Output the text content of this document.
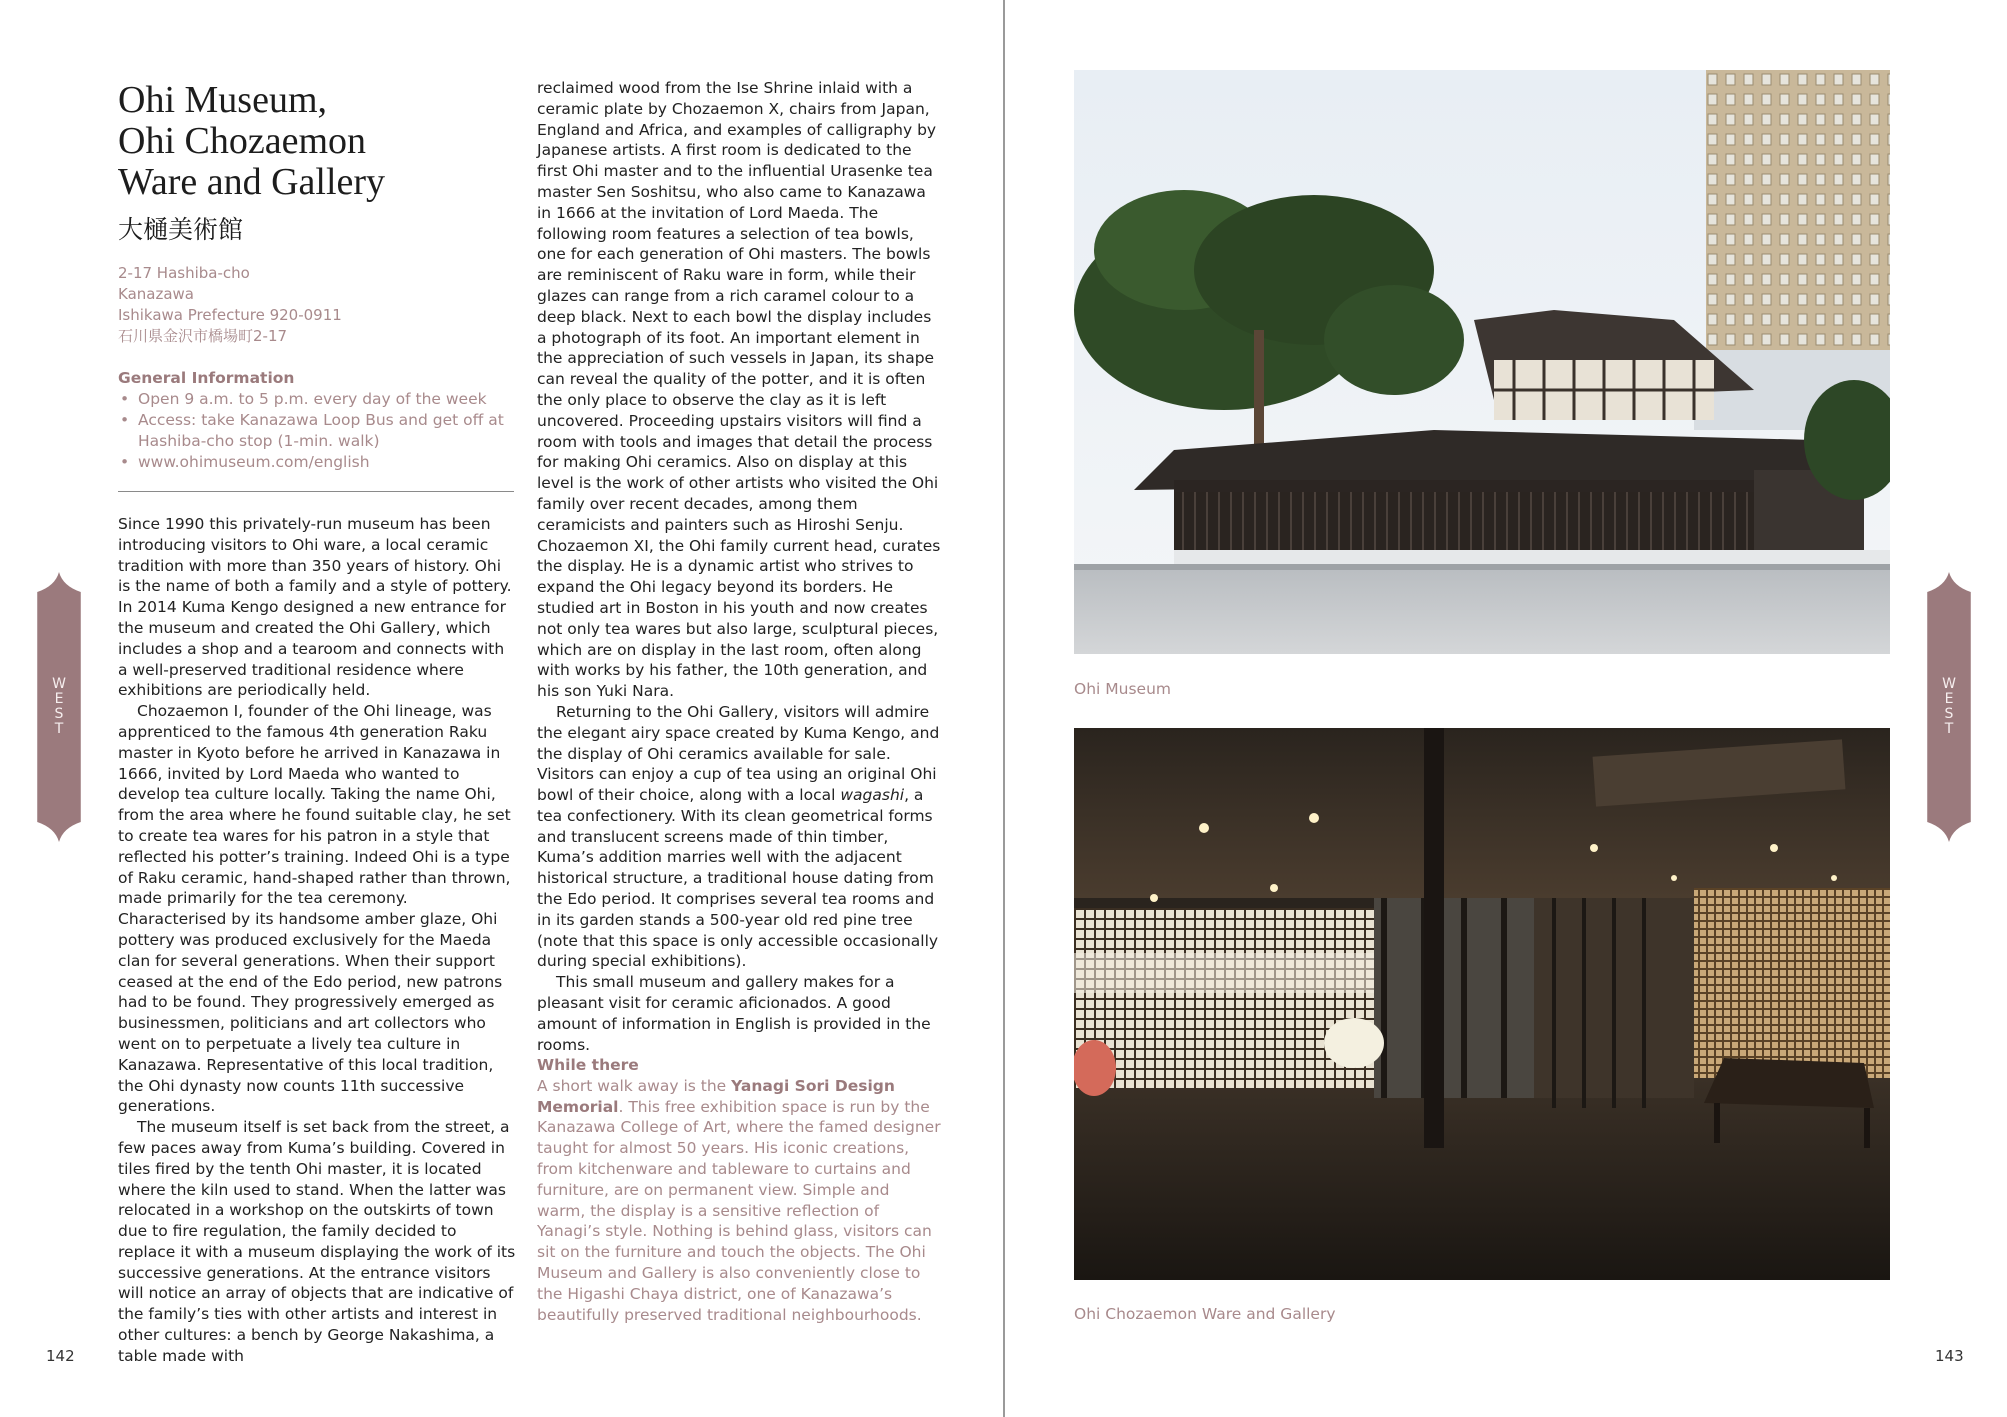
Ohi Museum,
Ohi Chozaemon
Ware and Gallery
大樋美術館
2-17 Hashiba-cho
Kanazawa
Ishikawa Prefecture 920-0911
石川県金沢市橋場町2-17
General Information
• Open 9 a.m. to 5 p.m. every day of the week
• Access: take Kanazawa Loop Bus and get off at Hashiba-cho stop (1-min. walk)
• www.ohimuseum.com/english

Since 1990 this privately-run museum has been introducing visitors to Ohi ware, a local ceramic tradition with more than 350 years of history. Ohi is the name of both a family and a style of pottery. In 2014 Kuma Kengo designed a new entrance for the museum and created the Ohi Gallery, which includes a shop and a tearoom and connects with a well-preserved traditional residence where exhibitions are periodically held.

Chozaemon I, founder of the Ohi lineage, was apprenticed to the famous 4th generation Raku master in Kyoto before he arrived in Kanazawa in 1666, invited by Lord Maeda who wanted to develop tea culture locally. Taking the name Ohi, from the area where he found suitable clay, he set to create tea wares for his patron in a style that reflected his potter’s training. Indeed Ohi is a type of Raku ceramic, hand-shaped rather than thrown, made primarily for the tea ceremony. Characterised by its handsome amber glaze, Ohi pottery was produced exclusively for the Maeda clan for several generations. When their support ceased at the end of the Edo period, new patrons had to be found. They progressively emerged as businessmen, politicians and art collectors who went on to perpetuate a lively tea culture in Kanazawa. Representative of this local tradition, the Ohi dynasty now counts 11th successive generations.

The museum itself is set back from the street, a few paces away from Kuma’s building. Covered in tiles fired by the tenth Ohi master, it is located where the kiln used to stand. When the latter was relocated in a workshop on the outskirts of town due to fire regulation, the family decided to replace it with a museum displaying the work of its successive generations. At the entrance visitors will notice an array of objects that are indicative of the family’s ties with other artists and interest in other cultures: a bench by George Nakashima, a table made with

reclaimed wood from the Ise Shrine inlaid with a ceramic plate by Chozaemon X, chairs from Japan, England and Africa, and examples of calligraphy by Japanese artists. A first room is dedicated to the first Ohi master and to the influential Urasenke tea master Sen Soshitsu, who also came to Kanazawa in 1666 at the invitation of Lord Maeda. The following room features a selection of tea bowls, one for each generation of Ohi masters. The bowls are reminiscent of Raku ware in form, while their glazes can range from a rich caramel colour to a deep black. Next to each bowl the display includes a photograph of its foot. An important element in the appreciation of such vessels in Japan, its shape can reveal the quality of the potter, and it is often the only place to observe the clay as it is left uncovered. Proceeding upstairs visitors will find a room with tools and images that detail the process for making Ohi ceramics. Also on display at this level is the work of other artists who visited the Ohi family over recent decades, among them ceramicists and painters such as Hiroshi Senju. Chozaemon XI, the Ohi family current head, curates the display. He is a dynamic artist who strives to expand the Ohi legacy beyond its borders. He studied art in Boston in his youth and now creates not only tea wares but also large, sculptural pieces, which are on display in the last room, often along with works by his father, the 10th generation, and his son Yuki Nara.

Returning to the Ohi Gallery, visitors will admire the elegant airy space created by Kuma Kengo, and the display of Ohi ceramics available for sale. Visitors can enjoy a cup of tea using an original Ohi bowl of their choice, along with a local wagashi, a tea confectionery. With its clean geometrical forms and translucent screens made of thin timber, Kuma’s addition marries well with the adjacent historical structure, a traditional house dating from the Edo period. It comprises several tea rooms and in its garden stands a 500-year old red pine tree (note that this space is only accessible occasionally during special exhibitions).

This small museum and gallery makes for a pleasant visit for ceramic aficionados. A good amount of information in English is provided in the rooms.

While there

A short walk away is the Yanagi Sori Design Memorial. This free exhibition space is run by the Kanazawa College of Art, where the famed designer taught for almost 50 years. His iconic creations, from kitchenware and tableware to curtains and furniture, are on permanent view. Simple and warm, the display is a sensitive reflection of Yanagi’s style. Nothing is behind glass, visitors can sit on the furniture and touch the objects. The Ohi Museum and Gallery is also conveniently close to the Higashi Chaya district, one of Kanazawa’s beautifully preserved traditional neighbourhoods.

W
E
S
T
W
E
S
T
142	143
Ohi Museum
Ohi Chozaemon Ware and Gallery
